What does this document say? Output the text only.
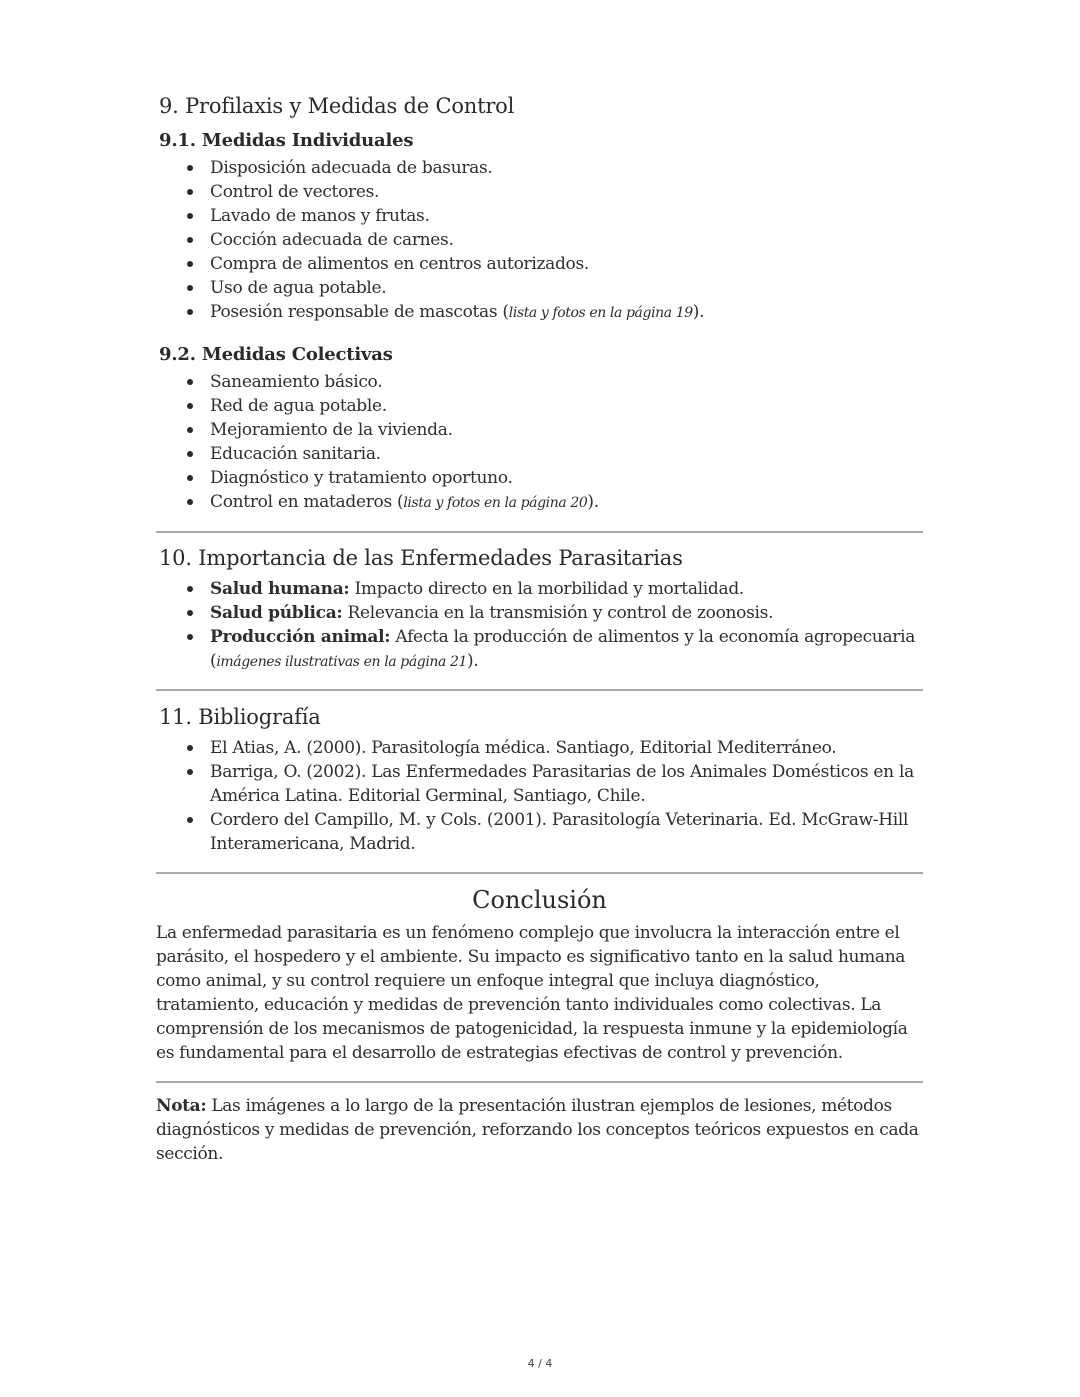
9. Profilaxis y Medidas de Control
9.1. Medidas Individuales
Disposición adecuada de basuras.
Control de vectores.
Lavado de manos y frutas.
Cocción adecuada de carnes.
Compra de alimentos en centros autorizados.
Uso de agua potable.
Posesión responsable de mascotas (lista y fotos en la página 19).
9.2. Medidas Colectivas
Saneamiento básico.
Red de agua potable.
Mejoramiento de la vivienda.
Educación sanitaria.
Diagnóstico y tratamiento oportuno.
Control en mataderos (lista y fotos en la página 20).
10. Importancia de las Enfermedades Parasitarias
Salud humana: Impacto directo en la morbilidad y mortalidad.
Salud pública: Relevancia en la transmisión y control de zoonosis.
Producción animal: Afecta la producción de alimentos y la economía agropecuaria (imágenes ilustrativas en la página 21).
11. Bibliografía
El Atias, A. (2000). Parasitología médica. Santiago, Editorial Mediterráneo.
Barriga, O. (2002). Las Enfermedades Parasitarias de los Animales Domésticos en la América Latina. Editorial Germinal, Santiago, Chile.
Cordero del Campillo, M. y Cols. (2001). Parasitología Veterinaria. Ed. McGraw-Hill Interamericana, Madrid.
Conclusión

La enfermedad parasitaria es un fenómeno complejo que involucra la interacción entre el parásito, el hospedero y el ambiente. Su impacto es significativo tanto en la salud humana como animal, y su control requiere un enfoque integral que incluya diagnóstico, tratamiento, educación y medidas de prevención tanto individuales como colectivas. La comprensión de los mecanismos de patogenicidad, la respuesta inmune y la epidemiología es fundamental para el desarrollo de estrategias efectivas de control y prevención.

Nota: Las imágenes a lo largo de la presentación ilustran ejemplos de lesiones, métodos diagnósticos y medidas de prevención, reforzando los conceptos teóricos expuestos en cada sección.

4 / 4
